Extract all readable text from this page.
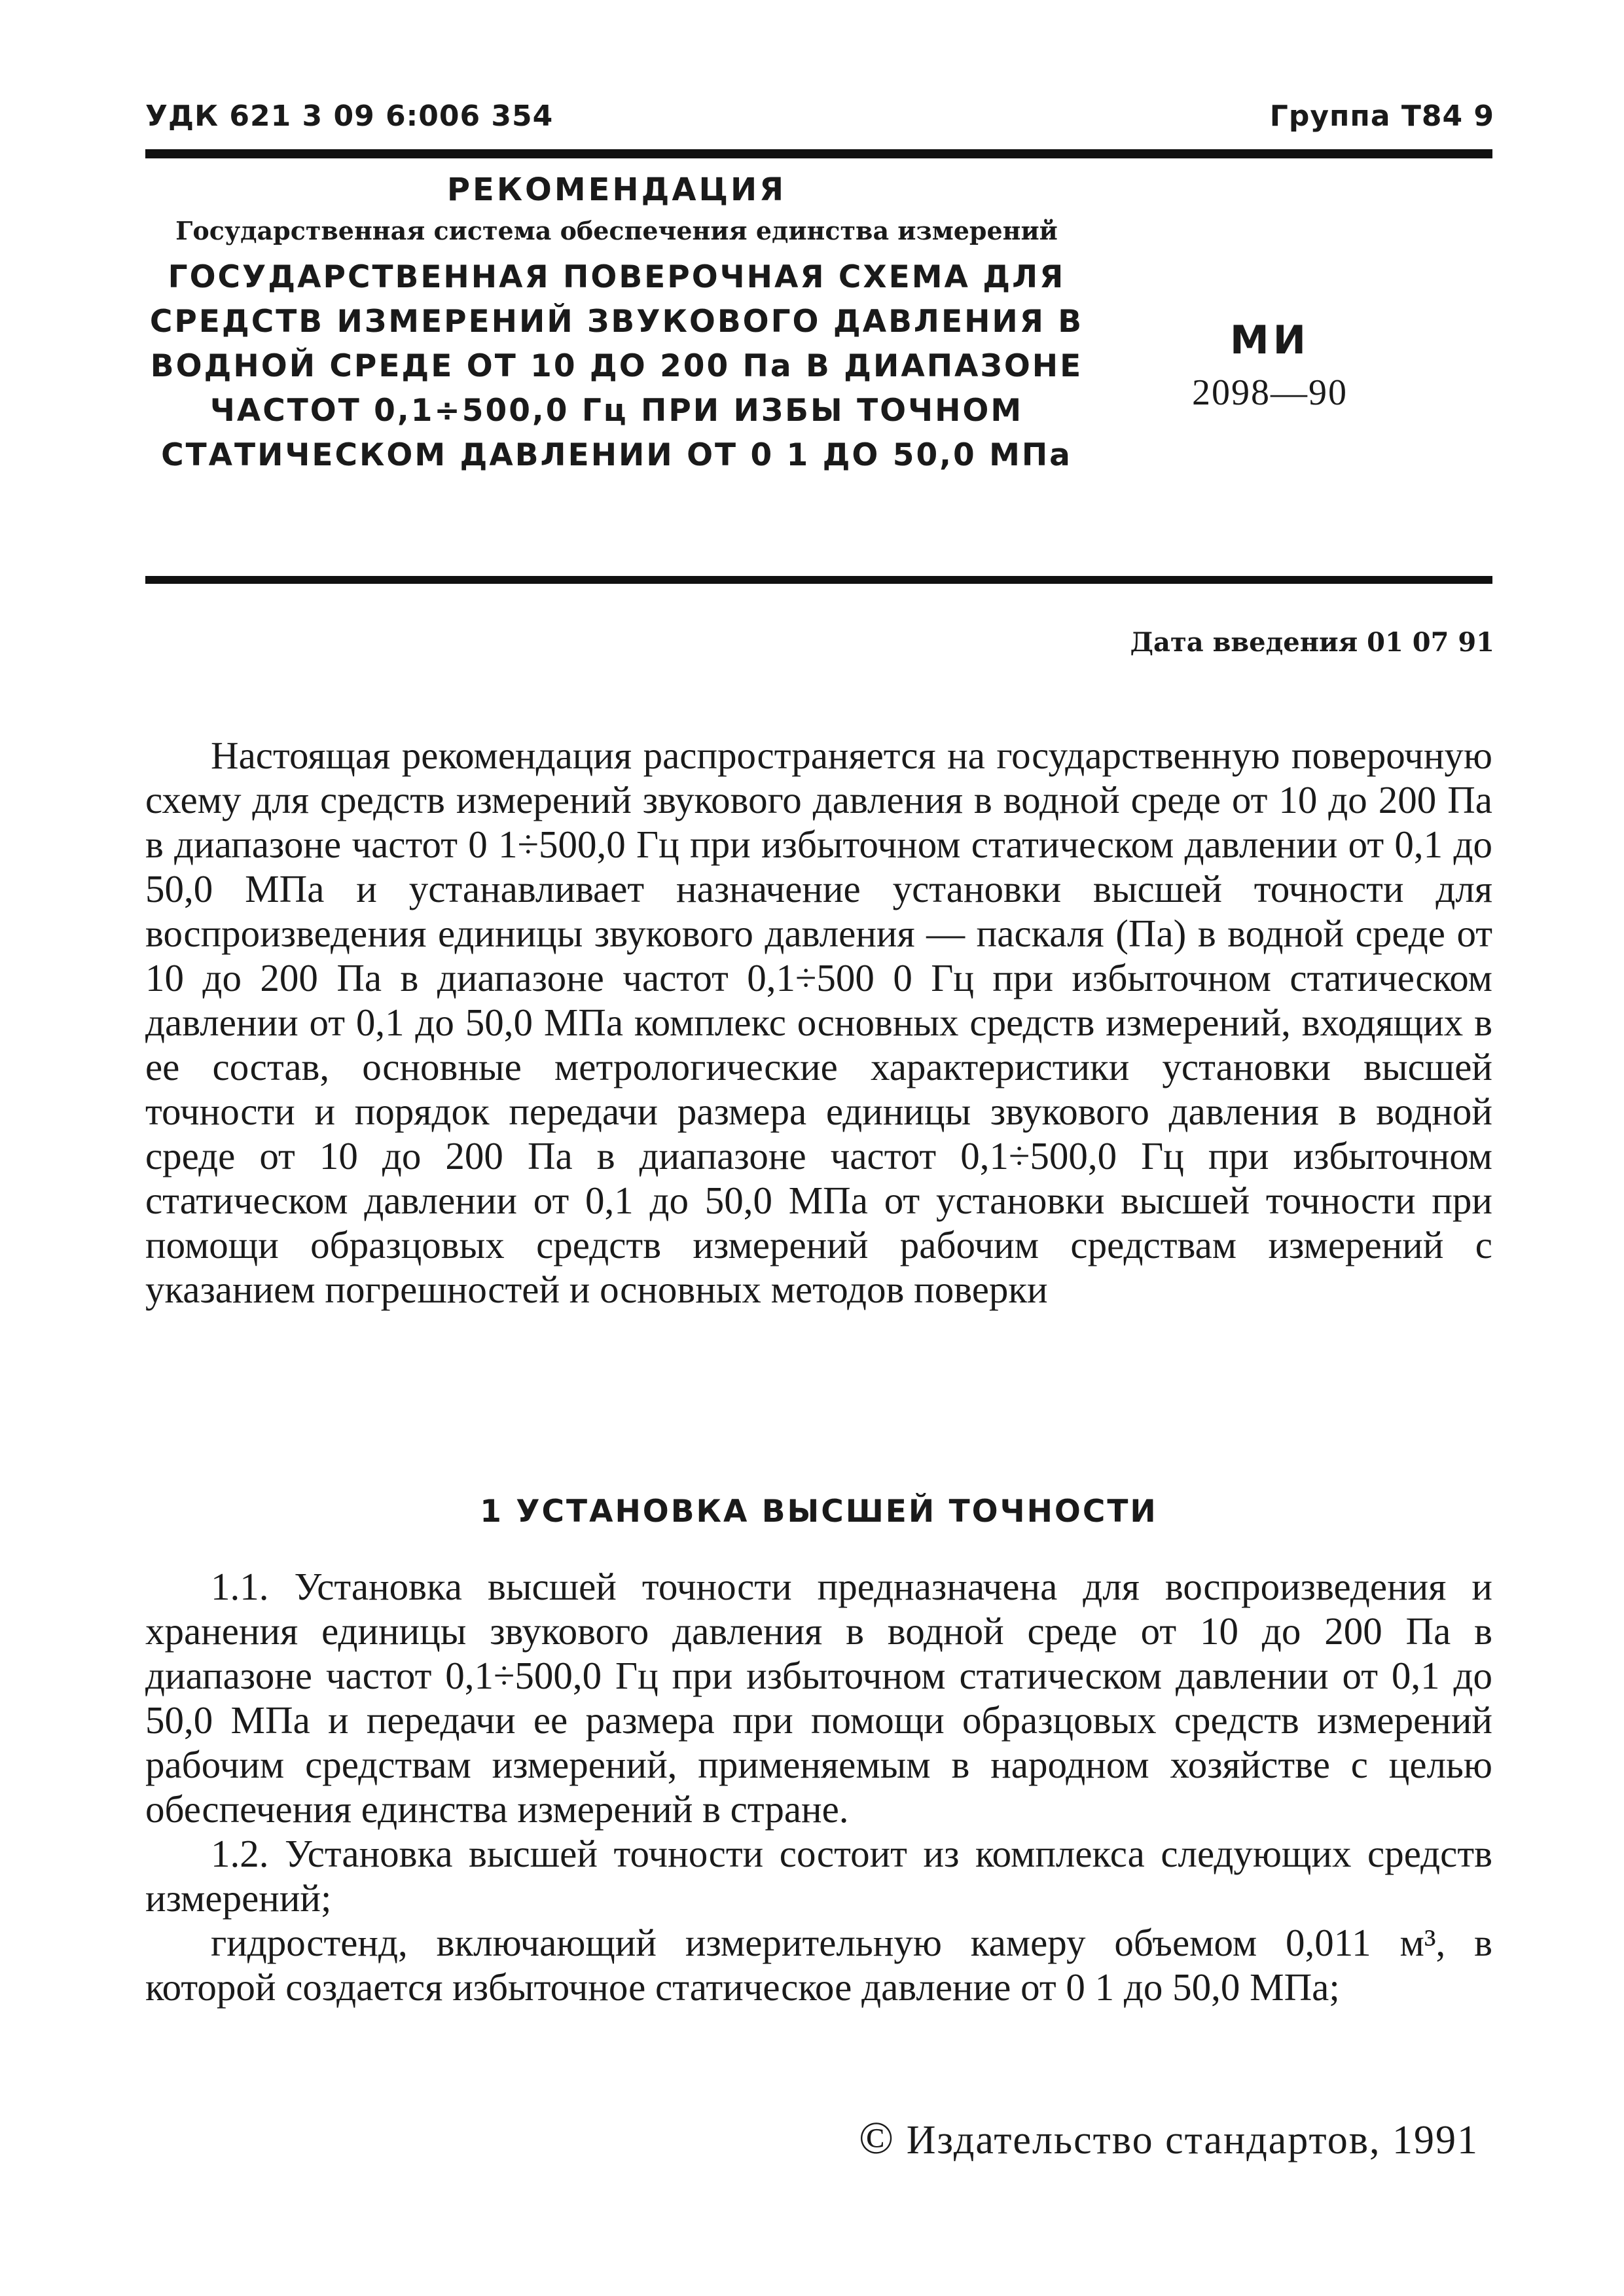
УДК 621 3 09 6:006 354	Группа Т84 9
РЕКОМЕНДАЦИЯ
Государственная система обеспечения единства измерений
ГОСУДАРСТВЕННАЯ ПОВЕРОЧНАЯ СХЕМА ДЛЯ СРЕДСТВ ИЗМЕРЕНИЙ ЗВУКОВОГО ДАВЛЕНИЯ В ВОДНОЙ СРЕДЕ ОТ 10 ДО 200 Па В ДИАПАЗОНЕ ЧАСТОТ 0,1÷500,0 Гц ПРИ ИЗБЫ ТОЧНОМ СТАТИЧЕСКОМ ДАВЛЕНИИ ОТ 0 1 ДО 50,0 МПа
МИ
2098—90
Дата введения 01 07 91

Настоящая рекомендация распространяется на государственную поверочную схему для средств измерений звукового давления в водной среде от 10 до 200 Па в диапазоне частот 0 1÷500,0 Гц при избыточном статическом давлении от 0,1 до 50,0 МПа и устанавливает назначение установки высшей точности для воспроизведения единицы звукового давления — паскаля (Па) в водной среде от 10 до 200 Па в диапазоне частот 0,1÷500 0 Гц при избыточном статическом давлении от 0,1 до 50,0 МПа комплекс основных средств измерений, входящих в ее состав, основные метрологические характеристики установки высшей точности и порядок передачи размера единицы звукового давления в водной среде от 10 до 200 Па в диапазоне частот 0,1÷500,0 Гц при избыточном статическом давлении от 0,1 до 50,0 МПа от установки высшей точности при помощи образцовых средств измерений рабочим средствам измерений с указанием погрешностей и основных методов поверки

1 УСТАНОВКА ВЫСШЕЙ ТОЧНОСТИ

1.1. Установка высшей точности предназначена для воспроизведения и хранения единицы звукового давления в водной среде от 10 до 200 Па в диапазоне частот 0,1÷500,0 Гц при избыточном статическом давлении от 0,1 до 50,0 МПа и передачи ее размера при помощи образцовых средств измерений рабочим средствам измерений, применяемым в народном хозяйстве с целью обеспечения единства измерений в стране.

1.2. Установка высшей точности состоит из комплекса следующих средств измерений;

гидростенд, включающий измерительную камеру объемом 0,011 м³, в которой создается избыточное статическое давление от 0 1 до 50,0 МПа;

© Издательство стандартов, 1991
